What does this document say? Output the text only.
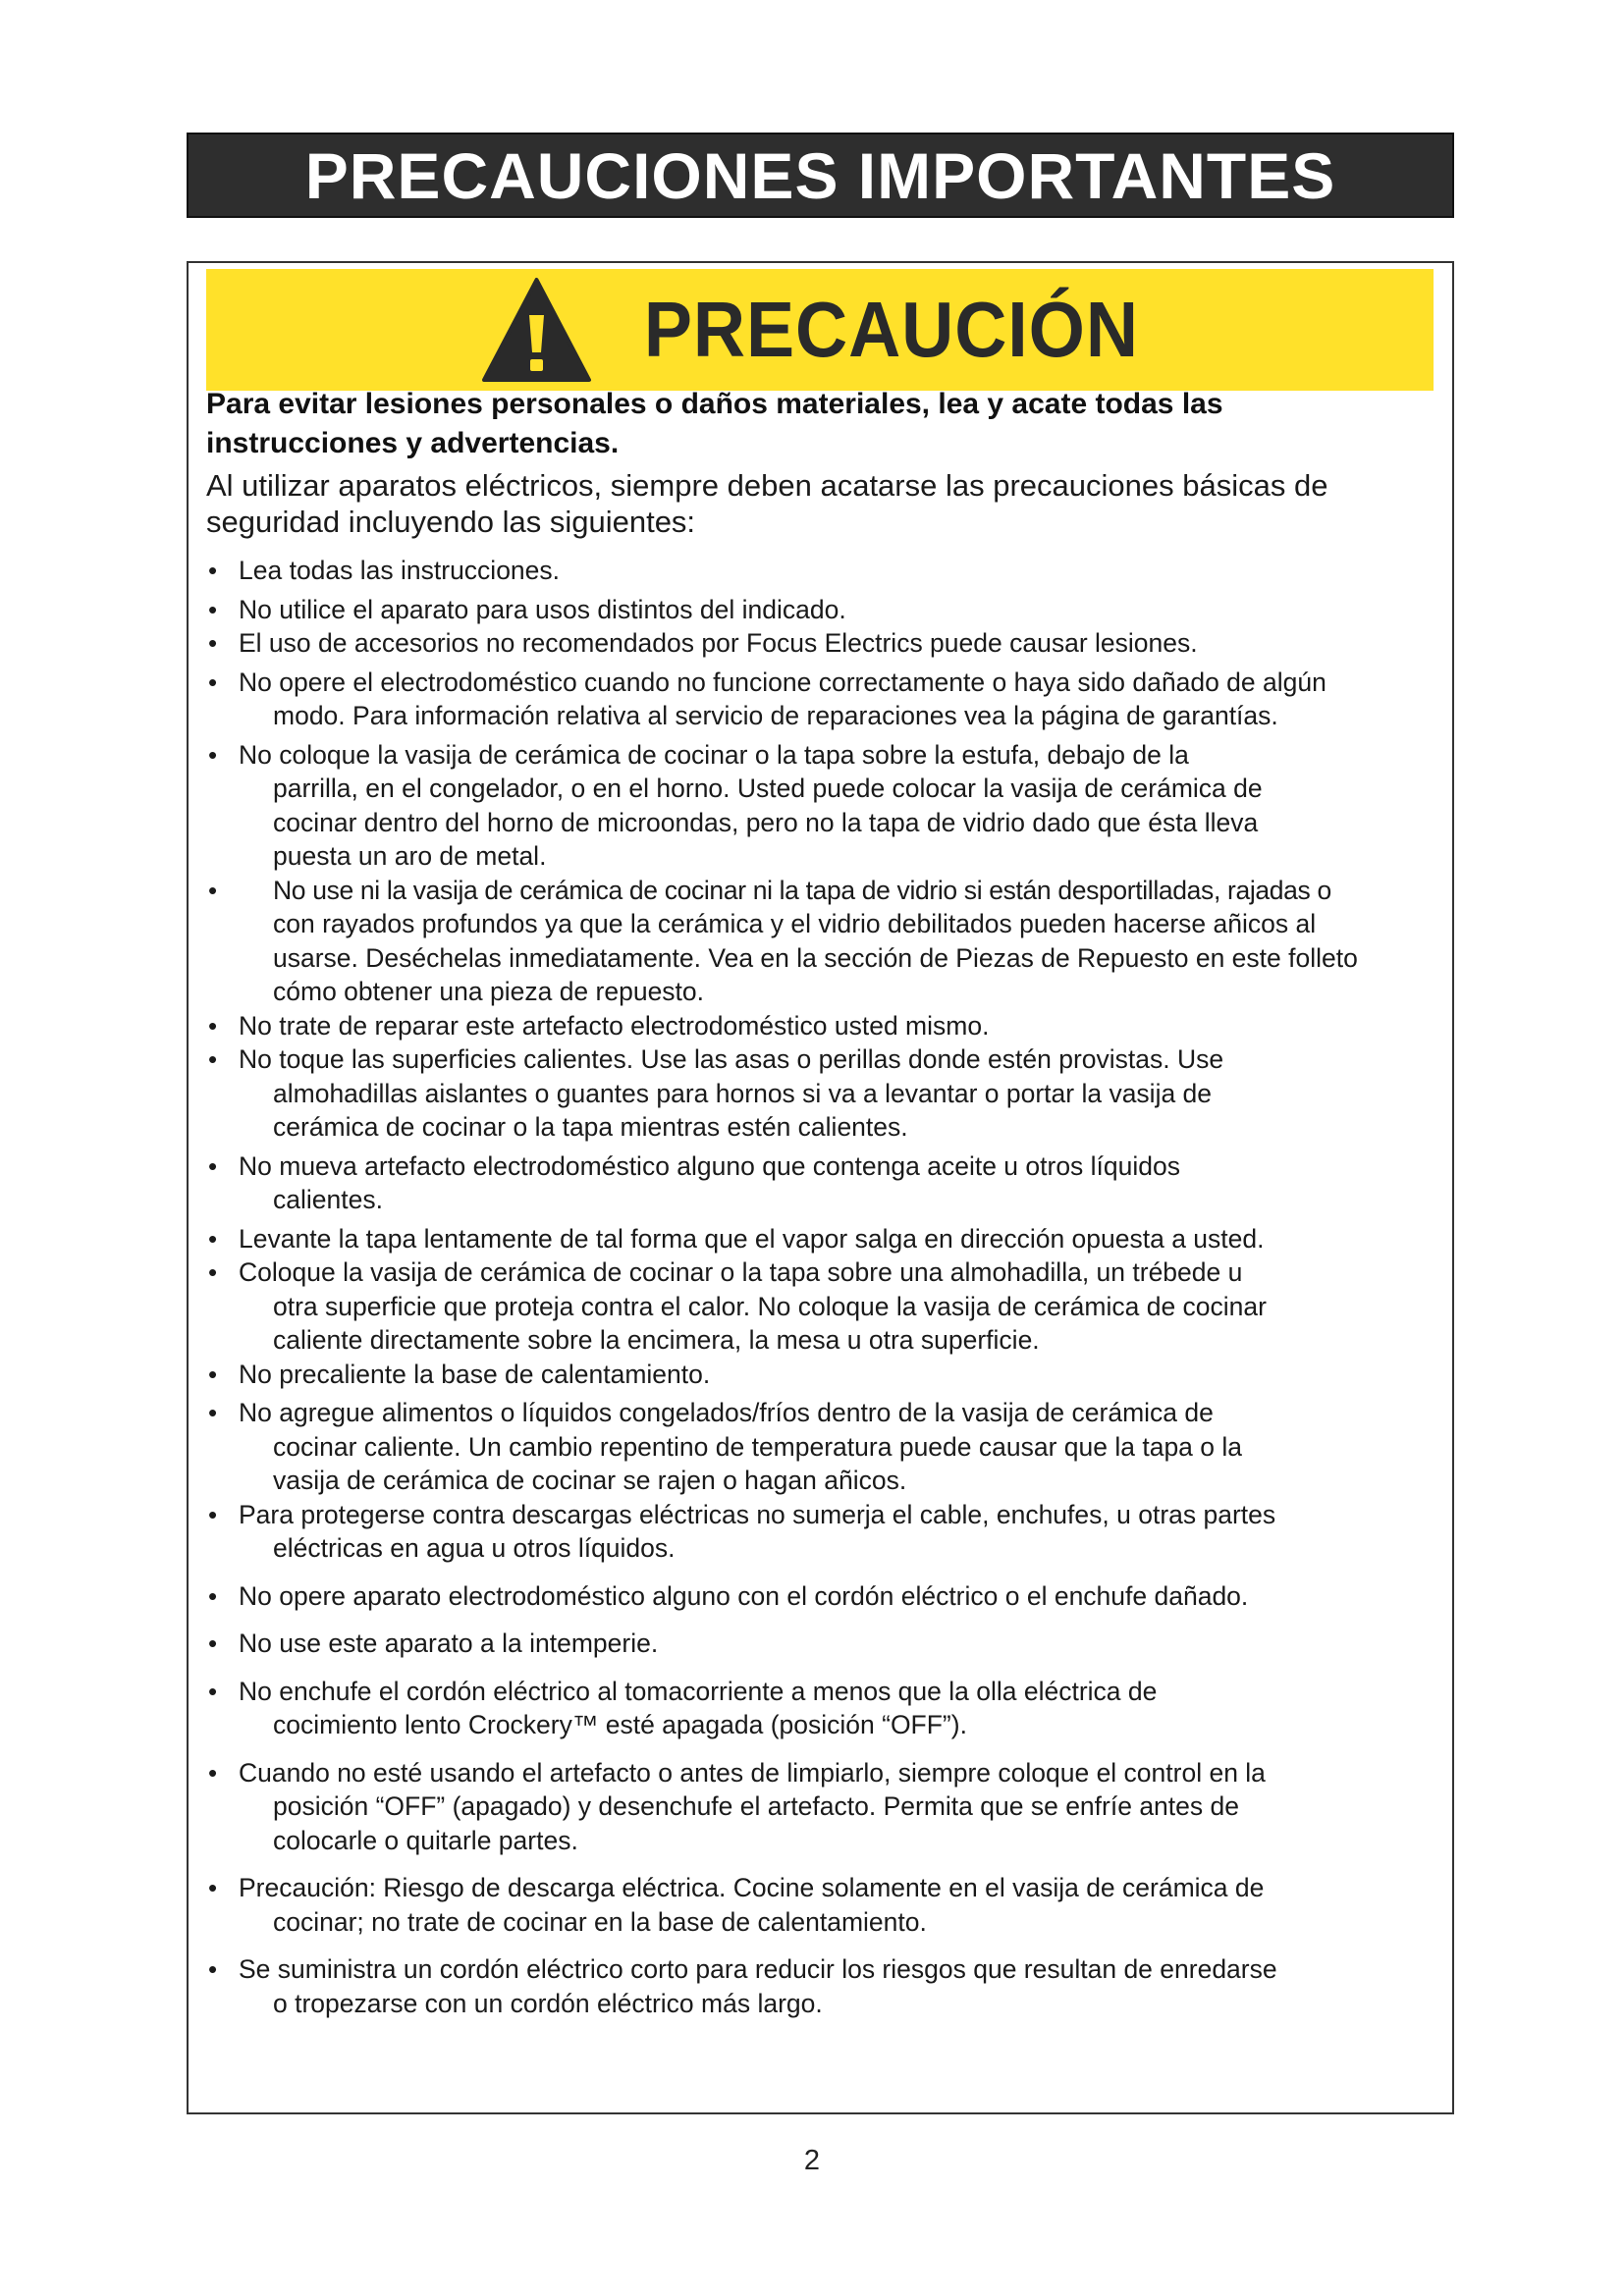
PRECAUCIONES IMPORTANTES
PRECAUCIÓN

Para evitar lesiones personales o daños materiales, lea y acate todas las

instrucciones y advertencias.

Al utilizar aparatos eléctricos, siempre deben acatarse las precauciones básicas de

seguridad incluyendo las siguientes:

• Lea todas las instrucciones.
• No utilice el aparato para usos distintos del indicado.
• El uso de accesorios no recomendados por Focus Electrics puede causar lesiones.
• No opere el electrodoméstico cuando no funcione correctamente o haya sido dañado de algún
modo. Para información relativa al servicio de reparaciones vea la página de garantías.
• No coloque la vasija de cerámica de cocinar o la tapa sobre la estufa, debajo de la
parrilla, en el congelador, o en el horno. Usted puede colocar la vasija de cerámica de
cocinar dentro del horno de microondas, pero no la tapa de vidrio dado que ésta lleva
puesta un aro de metal.
• No use ni la vasija de cerámica de cocinar ni la tapa de vidrio si están desportilladas, rajadas o
con rayados profundos ya que la cerámica y el vidrio debilitados pueden hacerse añicos al
usarse. Deséchelas inmediatamente. Vea en la sección de Piezas de Repuesto en este folleto
cómo obtener una pieza de repuesto.
• No trate de reparar este artefacto electrodoméstico usted mismo.
• No toque las superficies calientes. Use las asas o perillas donde estén provistas. Use
almohadillas aislantes o guantes para hornos si va a levantar o portar la vasija de
cerámica de cocinar o la tapa mientras estén calientes.
• No mueva artefacto electrodoméstico alguno que contenga aceite u otros líquidos
calientes.
• Levante la tapa lentamente de tal forma que el vapor salga en dirección opuesta a usted.
• Coloque la vasija de cerámica de cocinar o la tapa sobre una almohadilla, un trébede u
otra superficie que proteja contra el calor. No coloque la vasija de cerámica de cocinar
caliente directamente sobre la encimera, la mesa u otra superficie.
• No precaliente la base de calentamiento.
• No agregue alimentos o líquidos congelados/fríos dentro de la vasija de cerámica de
cocinar caliente. Un cambio repentino de temperatura puede causar que la tapa o la
vasija de cerámica de cocinar se rajen o hagan añicos.
• Para protegerse contra descargas eléctricas no sumerja el cable, enchufes, u otras partes
eléctricas en agua u otros líquidos.
• No opere aparato electrodoméstico alguno con el cordón eléctrico o el enchufe dañado.
• No use este aparato a la intemperie.
• No enchufe el cordón eléctrico al tomacorriente a menos que la olla eléctrica de
cocimiento lento Crockery™ esté apagada (posición “OFF”).
• Cuando no esté usando el artefacto o antes de limpiarlo, siempre coloque el control en la
posición “OFF” (apagado) y desenchufe el artefacto. Permita que se enfríe antes de
colocarle o quitarle partes.
• Precaución: Riesgo de descarga eléctrica. Cocine solamente en el vasija de cerámica de
cocinar; no trate de cocinar en la base de calentamiento.
• Se suministra un cordón eléctrico corto para reducir los riesgos que resultan de enredarse
o tropezarse con un cordón eléctrico más largo.
2
